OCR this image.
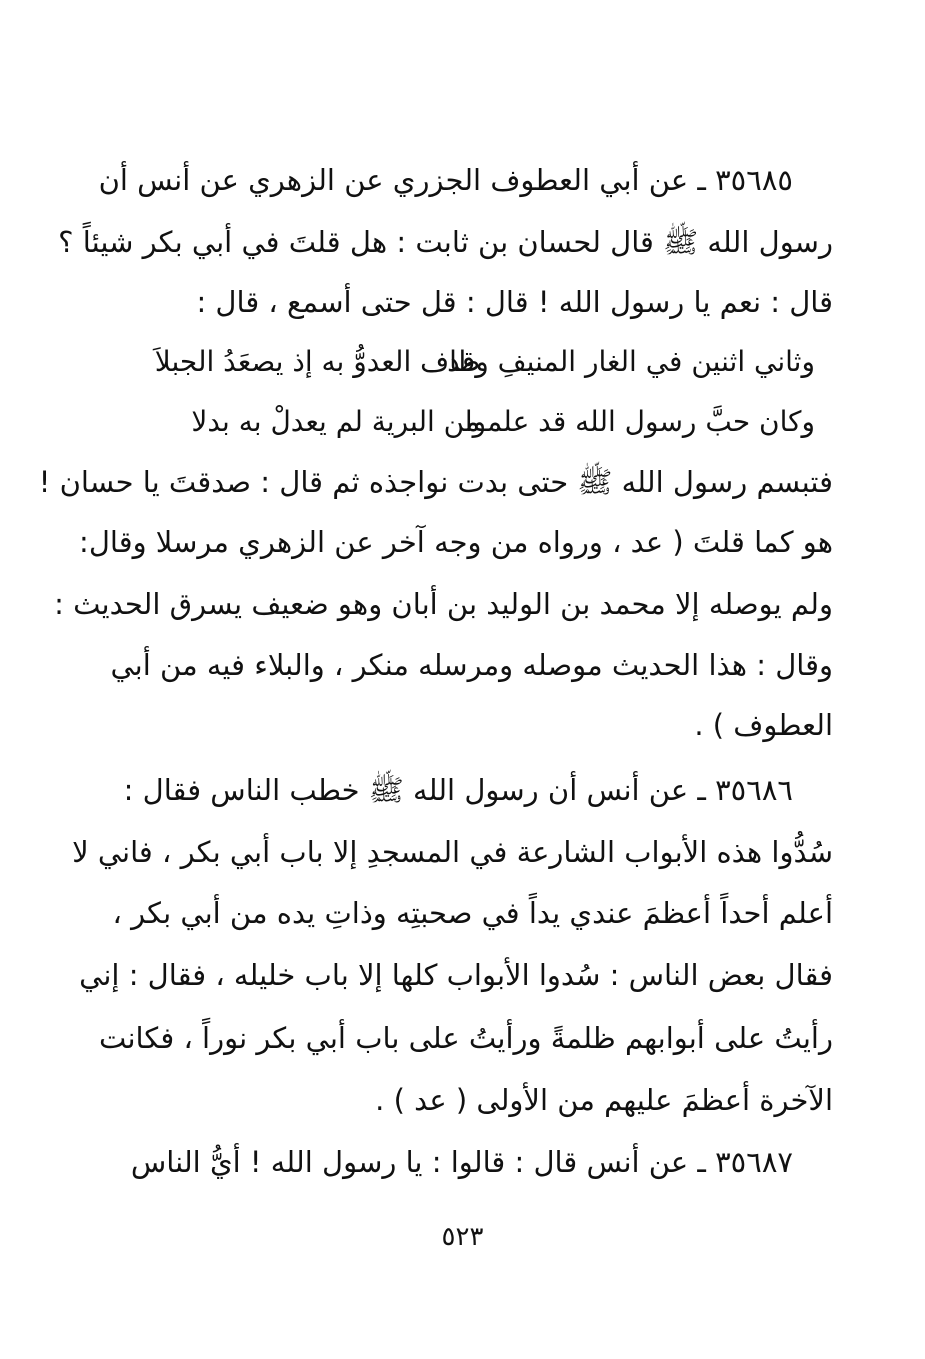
٣٥٦٨٥ ـ عن أبي العطوف الجزري عن الزهري عن أنس أن
رسول الله ﷺ قال لحسان بن ثابت : هل قلتَ في أبي بكر شيئاً ؟
قال : نعم يا رسول الله ! قال : قل حتى أسمع ، قال :
وثاني اثنين في الغار المنيفِ وقد
طاف العدوُّ به إذ يصعَدُ الجبلاَ
وكان حبَّ رسول الله قد علموا
من البرية لم يعدلْ به بدلا
فتبسم رسول الله ﷺ حتى بدت نواجذه ثم قال : صدقتَ يا حسان !
هو كما قلتَ ( عد ، ورواه من وجه آخر عن الزهري مرسلا وقال:
ولم يوصله إلا محمد بن الوليد بن أبان وهو ضعيف يسرق الحديث :
وقال : هذا الحديث موصله ومرسله منكر ، والبلاء فيه من أبي
العطوف ) .
٣٥٦٨٦ ـ عن أنس أن رسول الله ﷺ خطب الناس فقال :
سُدُّوا هذه الأبواب الشارعة في المسجدِ إلا باب أبي بكر ، فاني لا
أعلم أحداً أعظمَ عندي يداً في صحبتِه وذاتِ يده من أبي بكر ،
فقال بعض الناس : سُدوا الأبواب كلها إلا باب خليله ، فقال : إني
رأيتُ على أبوابهم ظلمةً ورأيتُ على باب أبي بكر نوراً ، فكانت
الآخرة أعظمَ عليهم من الأولى ( عد ) .
٣٥٦٨٧ ـ عن أنس قال : قالوا : يا رسول الله ! أيُّ الناس
٥٢٣
